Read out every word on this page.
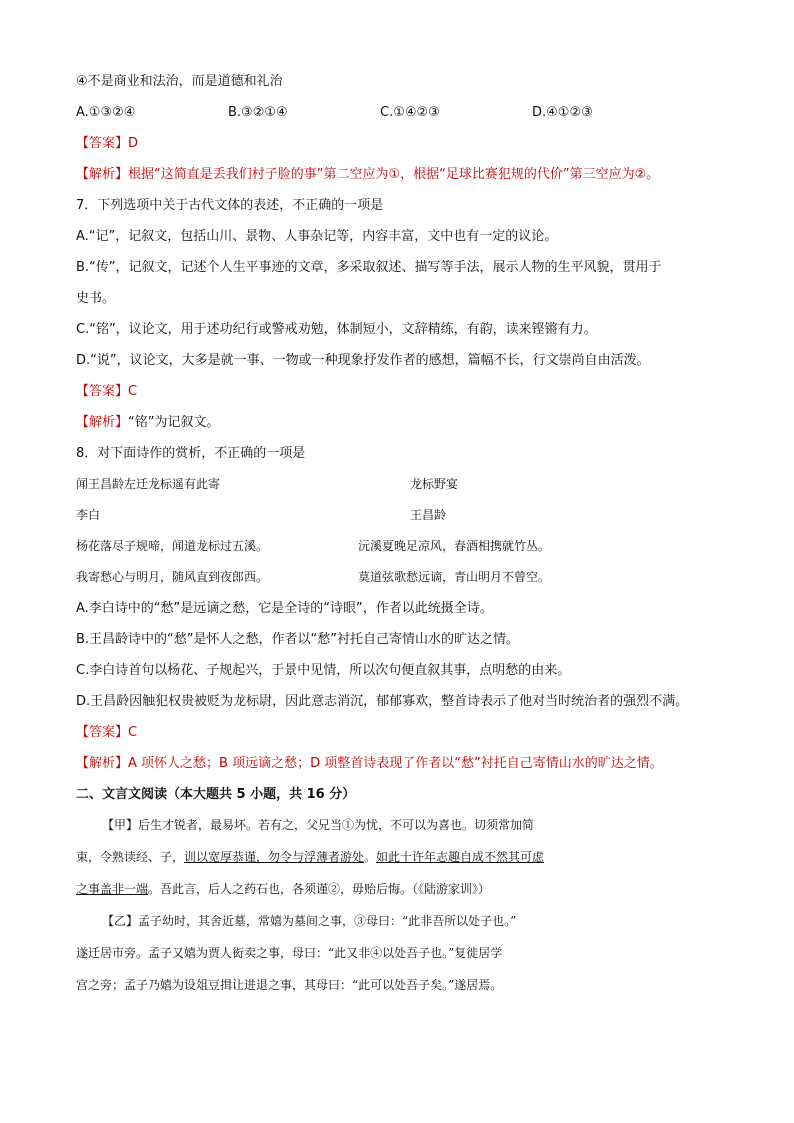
④不是商业和法治，而是道德和礼治
A.①③②④	B.③②①④	C.①④②③	D.④①②③
【答案】D
【解析】根据“这简直是丢我们村子脸的事”第二空应为①，根据“足球比赛犯规的代价”第三空应为②。
7．下列选项中关于古代文体的表述，不正确的一项是
A.“记”，记叙文，包括山川、景物、人事杂记等，内容丰富，文中也有一定的议论。
B.“传”，记叙文，记述个人生平事迹的文章，多采取叙述、描写等手法，展示人物的生平风貌，贯用于
史书。
C.“铭”，议论文，用于述功纪行或警戒劝勉，体制短小，文辞精练，有韵，读来铿锵有力。
D.“说”，议论文，大多是就一事、一物或一种现象抒发作者的感想，篇幅不长，行文崇尚自由活泼。
【答案】C
【解析】“铭”为记叙文。
8．对下面诗作的赏析，不正确的一项是
闻王昌龄左迁龙标遥有此寄	龙标野宴
李白	王昌龄
杨花落尽子规啼，闻道龙标过五溪。	沅溪夏晚足凉风，春酒相携就竹丛。
我寄愁心与明月，随风直到夜郎西。	莫道弦歌愁远谪，青山明月不曾空。
A.李白诗中的“愁”是远谪之愁，它是全诗的“诗眼”，作者以此统摄全诗。
B.王昌龄诗中的“愁”是怀人之愁，作者以“愁”衬托自己寄情山水的旷达之情。
C.李白诗首句以杨花、子规起兴，于景中见情，所以次句便直叙其事，点明愁的由来。
D.王昌龄因触犯权贵被贬为龙标尉，因此意志消沉，郁郁寡欢，整首诗表示了他对当时统治者的强烈不满。
【答案】C
【解析】A 项怀人之愁；B 项远谪之愁；D 项整首诗表现了作者以“愁”衬托自己寄情山水的旷达之情。
二、文言文阅读（本大题共 5 小题，共 16 分）
【甲】后生才锐者，最易坏。若有之，父兄当①为忧，不可以为喜也。切须常加简
束，令熟读经、子，训以宽厚恭谨，勿令与浮薄者游处。如此十许年志趣自成不然其可虑
之事盖非一端。吾此言，后人之药石也，各须谨②，毋贻后悔。（《陆游家训》）
【乙】孟子幼时，其舍近墓，常嬉为墓间之事，③母曰：“此非吾所以处子也。”
遂迁居市旁。孟子又嬉为贾人衒卖之事，母曰：“此又非④以处吾子也。”复徙居学
宫之旁；孟子乃嬉为设俎豆揖让进退之事，其母曰：“此可以处吾子矣。”遂居焉。
